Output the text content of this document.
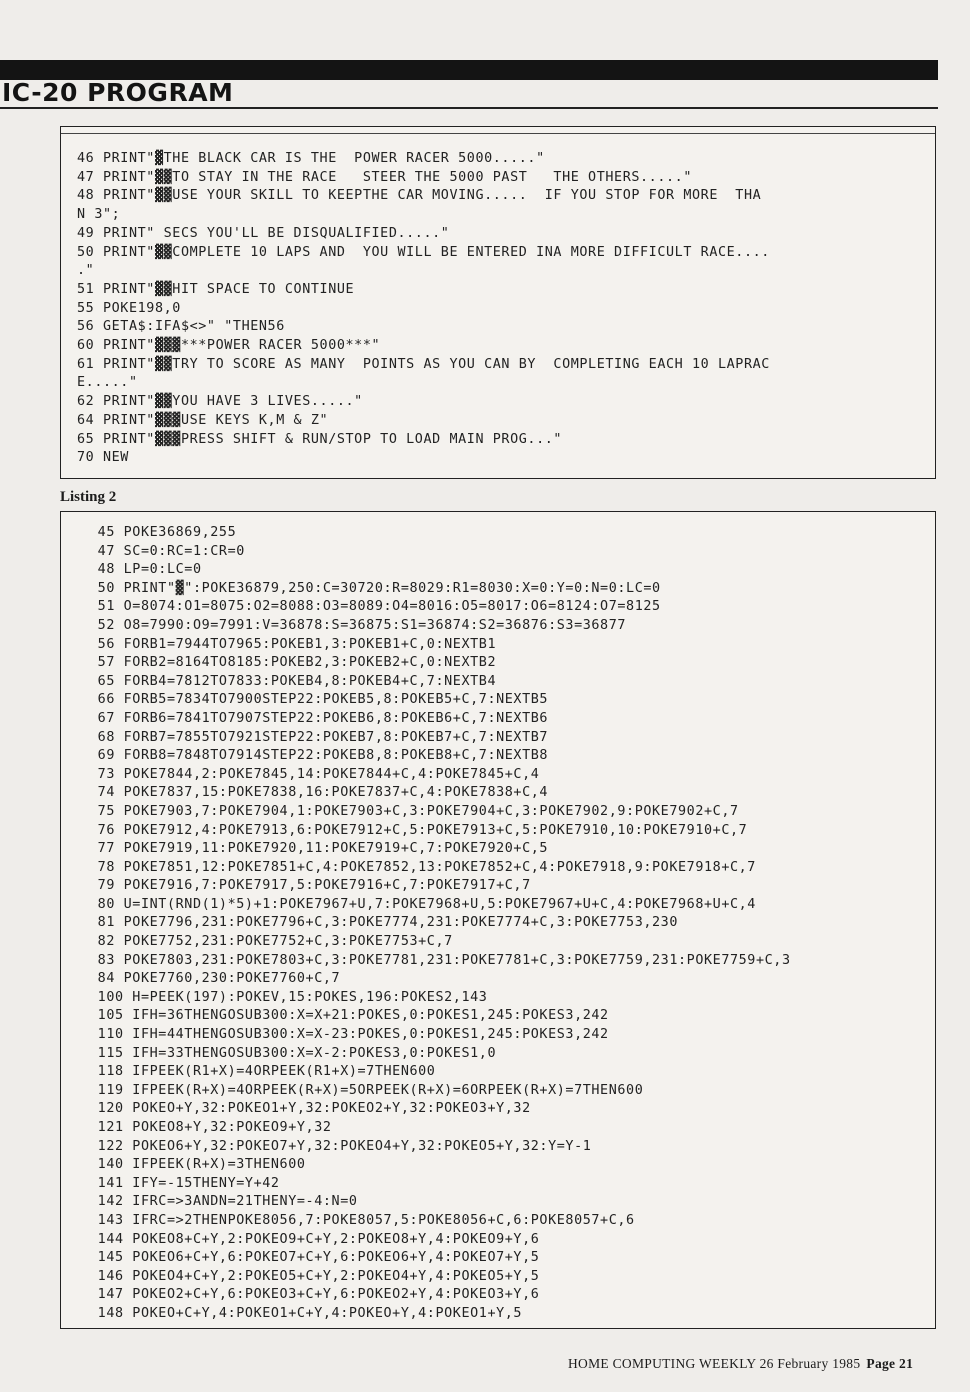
IC-20 PROGRAM
46 PRINT"▓THE BLACK CAR IS THE  POWER RACER 5000....."
47 PRINT"▓▓TO STAY IN THE RACE   STEER THE 5000 PAST   THE OTHERS....."
48 PRINT"▓▓USE YOUR SKILL TO KEEPTHE CAR MOVING.....  IF YOU STOP FOR MORE  THA
N 3";
49 PRINT" SECS YOU'LL BE DISQUALIFIED....."
50 PRINT"▓▓COMPLETE 10 LAPS AND  YOU WILL BE ENTERED INA MORE DIFFICULT RACE....
."
51 PRINT"▓▓HIT SPACE TO CONTINUE
55 POKE198,0
56 GETA$:IFA$<>" "THEN56
60 PRINT"▓▓▓***POWER RACER 5000***"
61 PRINT"▓▓TRY TO SCORE AS MANY  POINTS AS YOU CAN BY  COMPLETING EACH 10 LAPRAC
E....."
62 PRINT"▓▓YOU HAVE 3 LIVES....."
64 PRINT"▓▓▓USE KEYS K,M & Z"
65 PRINT"▓▓▓PRESS SHIFT & RUN/STOP TO LOAD MAIN PROG..."
70 NEW
Listing 2
45 POKE36869,255
47 SC=0:RC=1:CR=0
48 LP=0:LC=0
50 PRINT"▓":POKE36879,250:C=30720:R=8029:R1=8030:X=0:Y=0:N=0:LC=0
51 O=8074:O1=8075:O2=8088:O3=8089:O4=8016:O5=8017:O6=8124:O7=8125
52 O8=7990:O9=7991:V=36878:S=36875:S1=36874:S2=36876:S3=36877
56 FORB1=7944TO7965:POKEB1,3:POKEB1+C,0:NEXTB1
57 FORB2=8164TO8185:POKEB2,3:POKEB2+C,0:NEXTB2
65 FORB4=7812TO7833:POKEB4,8:POKEB4+C,7:NEXTB4
66 FORB5=7834TO7900STEP22:POKEB5,8:POKEB5+C,7:NEXTB5
67 FORB6=7841TO7907STEP22:POKEB6,8:POKEB6+C,7:NEXTB6
68 FORB7=7855TO7921STEP22:POKEB7,8:POKEB7+C,7:NEXTB7
69 FORB8=7848TO7914STEP22:POKEB8,8:POKEB8+C,7:NEXTB8
73 POKE7844,2:POKE7845,14:POKE7844+C,4:POKE7845+C,4
74 POKE7837,15:POKE7838,16:POKE7837+C,4:POKE7838+C,4
75 POKE7903,7:POKE7904,1:POKE7903+C,3:POKE7904+C,3:POKE7902,9:POKE7902+C,7
76 POKE7912,4:POKE7913,6:POKE7912+C,5:POKE7913+C,5:POKE7910,10:POKE7910+C,7
77 POKE7919,11:POKE7920,11:POKE7919+C,7:POKE7920+C,5
78 POKE7851,12:POKE7851+C,4:POKE7852,13:POKE7852+C,4:POKE7918,9:POKE7918+C,7
79 POKE7916,7:POKE7917,5:POKE7916+C,7:POKE7917+C,7
80 U=INT(RND(1)*5)+1:POKE7967+U,7:POKE7968+U,5:POKE7967+U+C,4:POKE7968+U+C,4
81 POKE7796,231:POKE7796+C,3:POKE7774,231:POKE7774+C,3:POKE7753,230
82 POKE7752,231:POKE7752+C,3:POKE7753+C,7
83 POKE7803,231:POKE7803+C,3:POKE7781,231:POKE7781+C,3:POKE7759,231:POKE7759+C,3
84 POKE7760,230:POKE7760+C,7
100 H=PEEK(197):POKEV,15:POKES,196:POKES2,143
105 IFH=36THENGOSUB300:X=X+21:POKES,0:POKES1,245:POKES3,242
110 IFH=44THENGOSUB300:X=X-23:POKES,0:POKES1,245:POKES3,242
115 IFH=33THENGOSUB300:X=X-2:POKES3,0:POKES1,0
118 IFPEEK(R1+X)=4ORPEEK(R1+X)=7THEN600
119 IFPEEK(R+X)=4ORPEEK(R+X)=5ORPEEK(R+X)=6ORPEEK(R+X)=7THEN600
120 POKEO+Y,32:POKEO1+Y,32:POKEO2+Y,32:POKEO3+Y,32
121 POKEO8+Y,32:POKEO9+Y,32
122 POKEO6+Y,32:POKEO7+Y,32:POKEO4+Y,32:POKEO5+Y,32:Y=Y-1
140 IFPEEK(R+X)=3THEN600
141 IFY=-15THENY=Y+42
142 IFRC=>3ANDN=21THENY=-4:N=0
143 IFRC=>2THENPOKE8056,7:POKE8057,5:POKE8056+C,6:POKE8057+C,6
144 POKEO8+C+Y,2:POKEO9+C+Y,2:POKEO8+Y,4:POKEO9+Y,6
145 POKEO6+C+Y,6:POKEO7+C+Y,6:POKEO6+Y,4:POKEO7+Y,5
146 POKEO4+C+Y,2:POKEO5+C+Y,2:POKEO4+Y,4:POKEO5+Y,5
147 POKEO2+C+Y,6:POKEO3+C+Y,6:POKEO2+Y,4:POKEO3+Y,6
148 POKEO+C+Y,4:POKEO1+C+Y,4:POKEO+Y,4:POKEO1+Y,5
HOME COMPUTING WEEKLY 26 February 1985 Page 21
